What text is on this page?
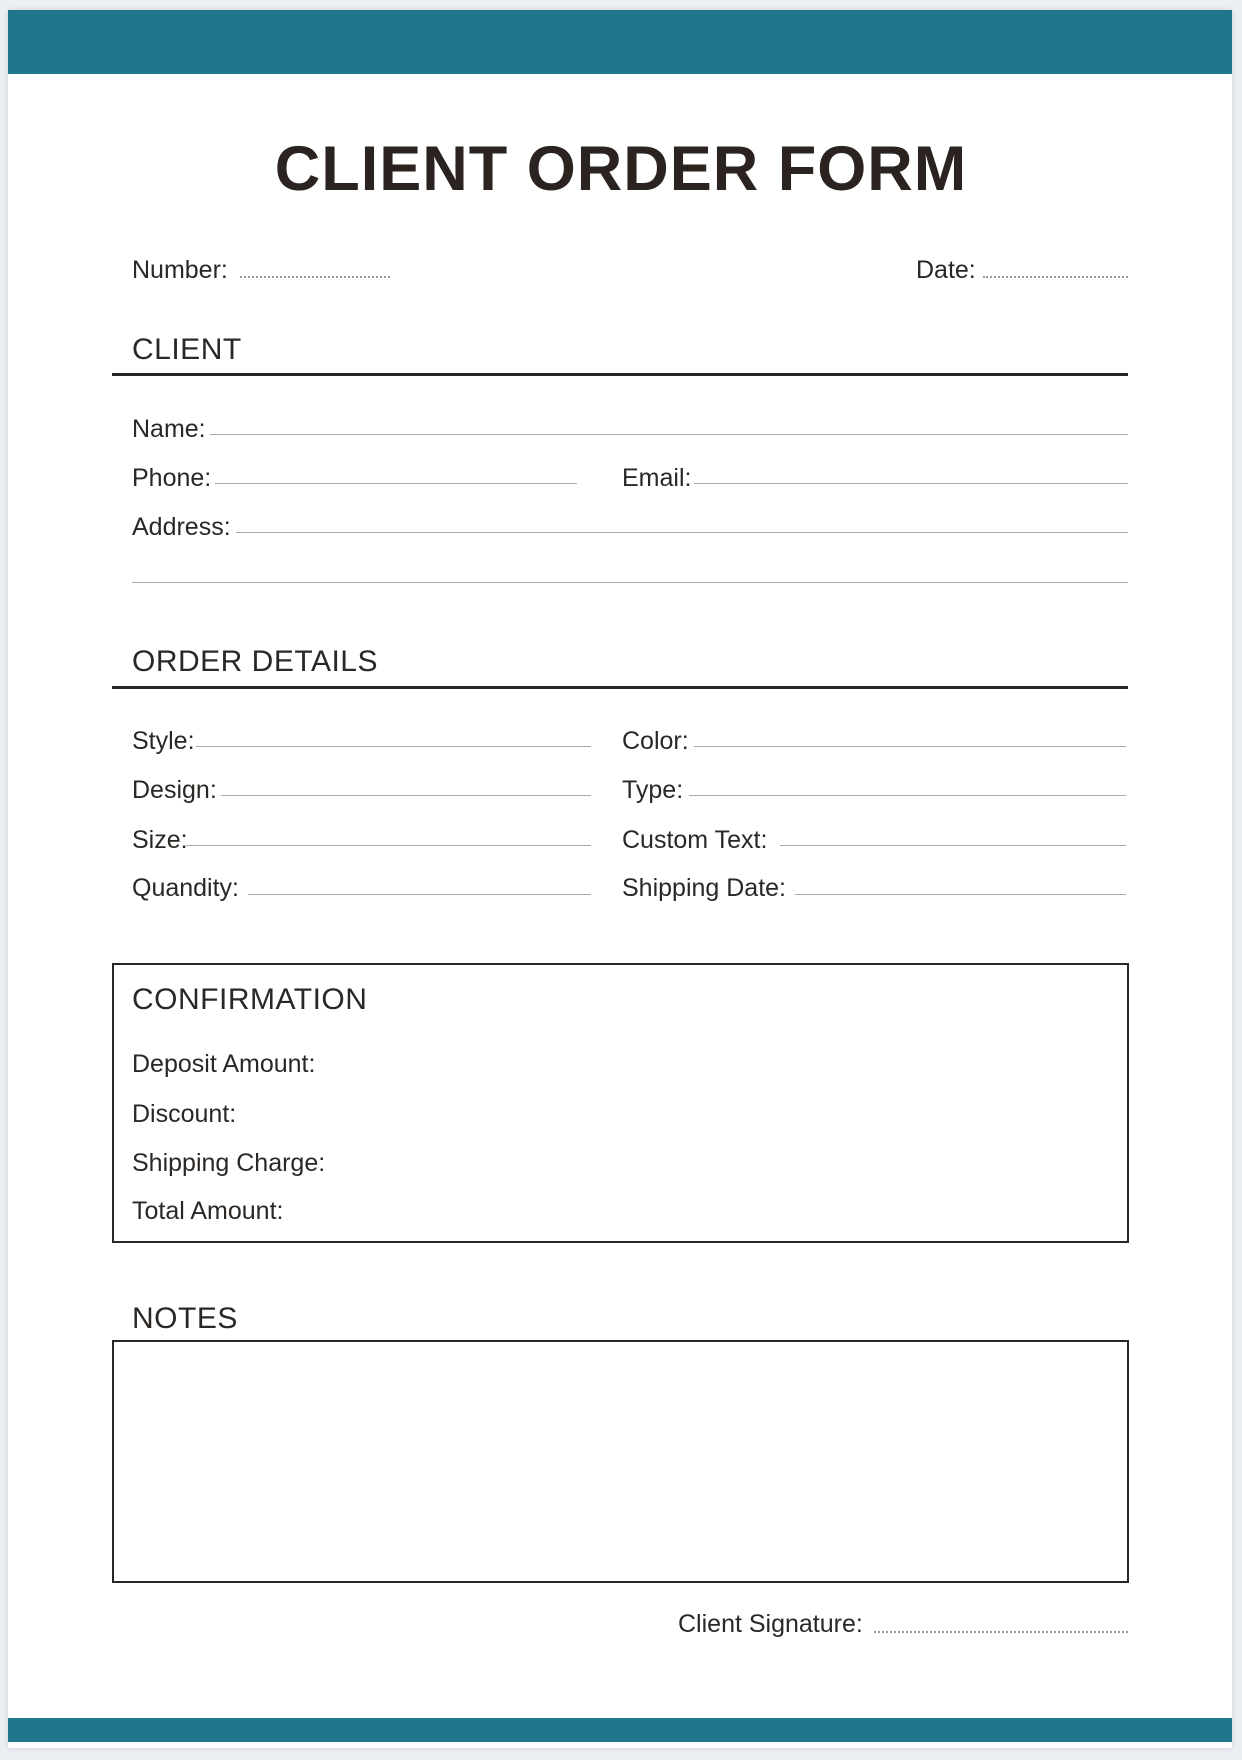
CLIENT ORDER FORM
Number:	Date:
CLIENT
Name:
Phone:	Email:
Address:
ORDER DETAILS
Style:	Color:
Design:	Type:
Size:	Custom Text:
Quandity:	Shipping Date:
CONFIRMATION
Deposit Amount:
Discount:
Shipping Charge:
Total Amount:
NOTES
Client Signature:
